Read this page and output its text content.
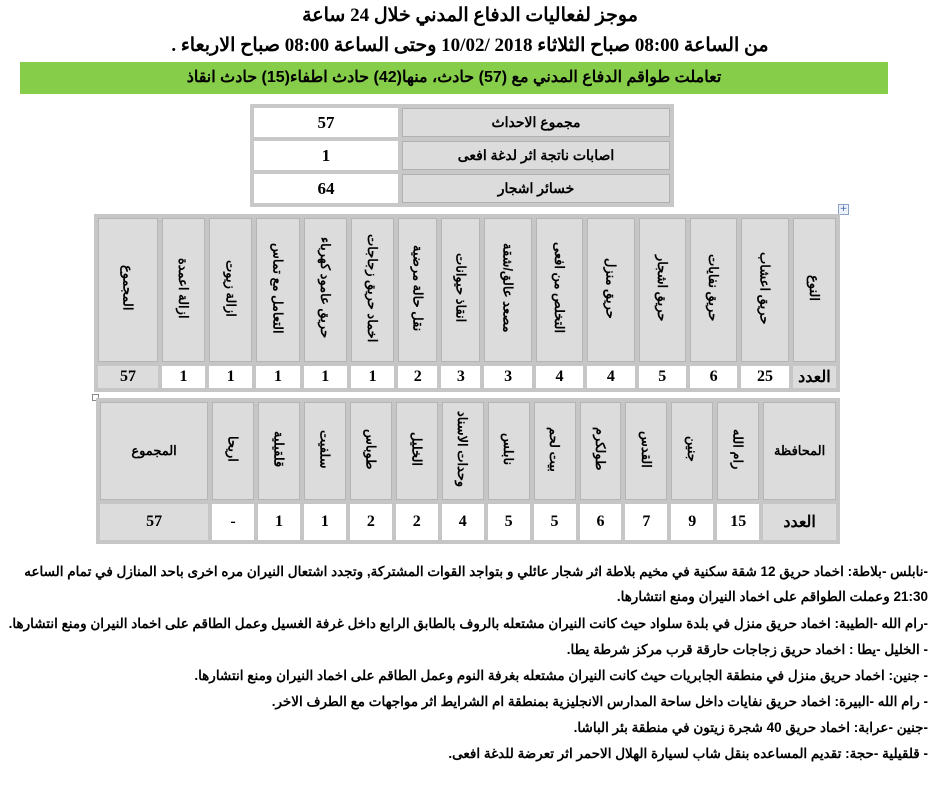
موجز لفعاليات الدفاع المدني خلال 24 ساعة
من الساعة 08:00 صباح الثلاثاء 2018 /10/02 وحتى الساعة 08:00 صباح الاربعاء .
تعاملت طواقم الدفاع المدني مع (57) حادث، منها(42) حادث اطفاء(15) حادث انقاذ
57	مجموع الاحداث
1	اصابات ناتجة اثر لدغة افعى
64	خسائر اشجار
+
النوع	حريق اعشاب	حريق نفايات	حريق اشجار	حريق منزل	التخلص من افعى	مصعد عالق/شقة	انقاذ حيوانات	نقل حالة مرضية	اخماد حريق زجاجات	حريق عامود كهرباء	التعامل مع تماس	ازالة زيوت	ازالة اعمدة	المجموع
العدد	25	6	5	4	4	3	3	2	1	1	1	1	1	57
المحافظة	رام الله	جنين	القدس	طولكرم	بيت لحم	نابلس	وحدات الاسناد	الخليل	طوباس	سلفيت	قلقيلية	اريحا	المجموع
العدد	15	9	7	6	5	5	4	2	2	1	1	-	57

-نابلس -بلاطة: اخماد حريق 12 شقة سكنية في مخيم بلاطة اثر شجار عائلي و بتواجد القوات المشتركة, وتجدد اشتعال النيران مره اخرى باحد المنازل في تمام الساعه 21:30 وعملت الطواقم على اخماد النيران ومنع انتشارها.

-رام الله -الطيبة: اخماد حريق منزل في بلدة سلواد حيث كانت النيران مشتعله بالروف بالطابق الرابع داخل غرفة الغسيل وعمل الطاقم على اخماد النيران ومنع انتشارها.

- الخليل -يطا : اخماد حريق زجاجات حارقة قرب مركز شرطة يطا.

- جنين: اخماد حريق منزل في منطقة الجابريات حيث كانت النيران مشتعله بغرفة النوم وعمل الطاقم على اخماد النيران ومنع انتشارها.

- رام الله -البيرة: اخماد حريق نفايات داخل ساحة المدارس الانجليزية بمنطقة ام الشرايط اثر مواجهات مع الطرف الاخر.

-جنين -عرابة: اخماد حريق 40 شجرة زيتون في منطقة بئر الباشا.

- قلقيلية -حجة: تقديم المساعده بنقل شاب لسيارة الهلال الاحمر اثر تعرضة للدغة افعى.
